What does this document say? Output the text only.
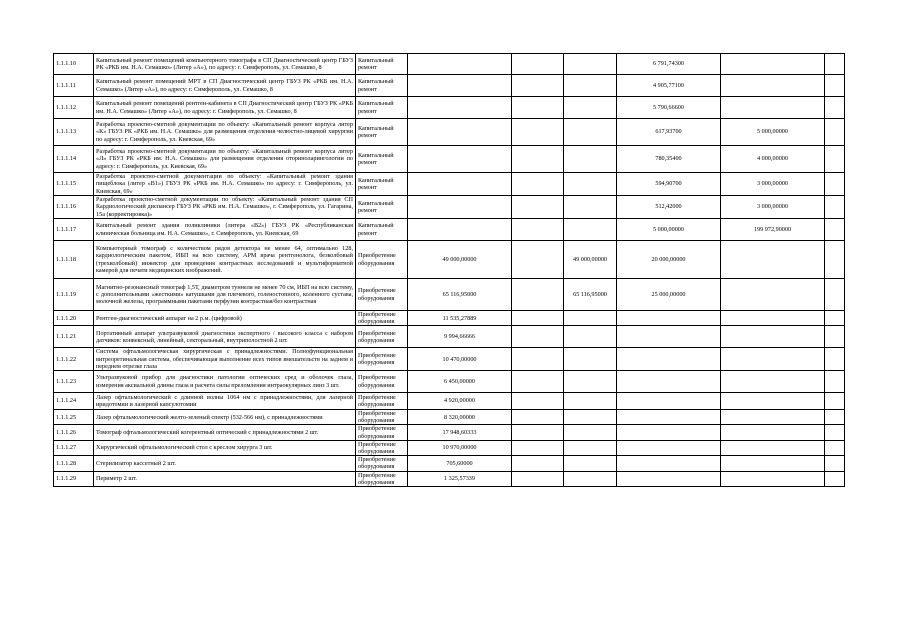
1.1.1.10	Капитальный ремонт помещений компьютерного томографа в СП Диагностический центр ГБУЗ РК «РКБ им. Н.А. Семашко» (Литер «А»), по адресу: г. Симферополь, ул. Семашко, 8	Капитальный ремонт				6 791,74300		
1.1.1.11	Капитальный ремонт помещений МРТ в СП Диагностический центр ГБУЗ РК «РКБ им. Н.А. Семашко» (Литер «А»), по адресу: г. Симферополь, ул. Семашко, 8	Капитальный ремонт				4 905,77100		
1.1.1.12	Капитальный ремонт помещений рентген-кабинета в СП Диагностический центр ГБУЗ РК «РКБ им. Н.А. Семашко» (Литер «А»), по адресу: г. Симферополь, ул. Семашко, 8	Капитальный ремонт				5 790,66600		
1.1.1.13	Разработка проектно-сметной документации по объекту: «Капитальный ремонт корпуса литер «К» ГБУЗ РК «РКБ им. Н.А. Семашко» для размещения отделения челюстно-лицевой хирургии по адресу: г. Симферополь, ул. Киевская, 69»	Капитальный ремонт				617,93700	5 000,00000	
1.1.1.14	Разработка проектно-сметной документации по объекту: «Капитальный ремонт корпуса литер «Л» ГБУЗ РК «РКБ им. Н.А. Семашко» для размещения отделения оториноларингологии по адресу: г. Симферополь, ул. Киевская, 69»	Капитальный ремонт				780,35400	4 000,00000	
1.1.1.15	Разработка проектно-сметной документации по объекту: «Капитальный ремонт здания пищеблока (литер «В1») ГБУЗ РК «РКБ им. Н.А. Семашко» по адресу: г. Симферополь, ул. Киевская, 69»	Капитальный ремонт				594,90700	3 000,00000	
1.1.1.16	Разработка проектно-сметной документации по объекту: «Капитальный ремонт здания СП Кардиологический диспансер ГБУЗ РК «РКБ им. Н.А. Семашко», г. Симферополь, ул. Гагарина, 15а (корректировка)»	Капитальный ремонт				512,42000	3 000,00000	
1.1.1.17	Капитальный ремонт здания поликлиники (литера «В2») ГБУЗ РК «Республиканская клиническая больница им. Н.А. Семашко», г. Симферополь, ул. Киевская, 69	Капитальный ремонт				5 000,00000	199 972,90000	
1.1.1.18	Компьютерный томограф с количеством рядов детектора не менее 64, оптимально 128, кардиологическим пакетом, ИБП на всю систему, АРМ врача рентгенолога, безколбовый (трехколбовый) инжектор для проведения контрастных исследований и мультиформатной камерой для печати медицинских изображений.	Приобретение оборудования	49 000,00000		49 000,00000	20 000,00000		
1.1.1.19	Магнитно-резонансный томограф 1,5Т, диаметром туннеля не менее 70 см, ИБП на всю систему, с дополнительными «жесткими» катушками для плечевого, голеностопного, коленного сустава, молочной железы, программными пакетами перфузии контрастная/без контрастная	Приобретение оборудования	65 116,95000		65 116,95000	25 000,00000		
1.1.1.20	Рентген-диагностический аппарат на 2 р.м. (цифровой)	Приобретение оборудования	11 535,27889					
1.1.1.21	Портативный аппарат ультразвуковой диагностики экспертного / высокого класса с набором датчиков: конвексный, линейный, секторальный, внутриполостной 2 шт.	Приобретение оборудования	9 994,66666					
1.1.1.22	Система офтальмологическая хирургическая с принадлежностями. Полнофункциональная витреоретинальная система, обеспечивающая выполнение всех типов вмешательств на заднем и переднем отрезке глаза	Приобретение оборудования	10 470,00000					
1.1.1.23	Ультразвуковой прибор для диагностики патологии оптических сред и оболочек глаза, измерения аксиальной длины глаза и расчета силы преломления интраокулярных линз 3 шт.	Приобретение оборудования	6 450,00000					
1.1.1.24	Лазер офтальмологический с длинной волны 1064 нм с принадлежностями, для лазерной иридотомии и лазерной капсулотомии	Приобретение оборудования	4 920,00000					
1.1.1.25	Лазер офтальмологический желто-зеленый спектр (532-566 нм), с принадлежностями	Приобретение оборудования	8 320,00000					
1.1.1.26	Томограф офтальмологический когерентный оптический с принадлежностями 2 шт.	Приобретение оборудования	17 948,60333					
1.1.1.27	Хирургический офтальмологический стол с креслом хирурга 3 шт.	Приобретение оборудования	10 970,00000					
1.1.1.28	Стерилизатор кассетный 2 шт.	Приобретение оборудования	705,60000					
1.1.1.29	Периметр 2 шт.	Приобретение оборудования	1 325,57339					
